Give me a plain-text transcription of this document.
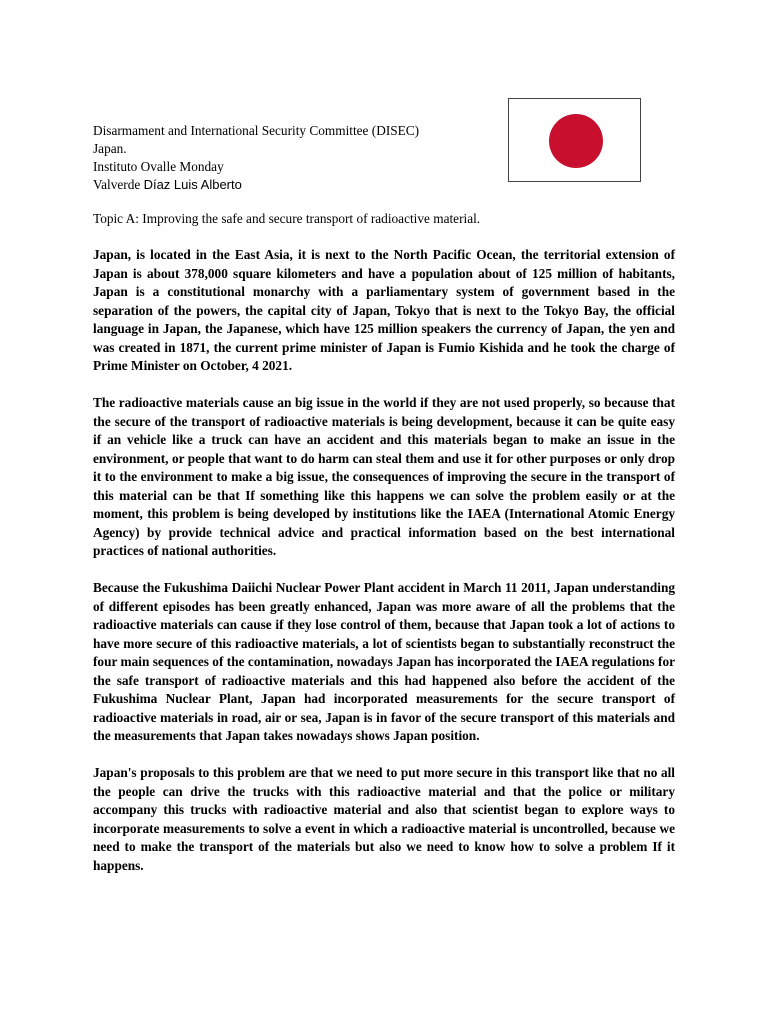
Disarmament and International Security Committee (DISEC)
Japan.
Instituto Ovalle Monday
Valverde Díaz Luis Alberto
Topic A: Improving the safe and secure transport of radioactive material.

Japan, is located in the East Asia, it is next to the North Pacific Ocean, the territorial extension of Japan is about 378,000 square kilometers and have a population about of 125 million of habitants, Japan is a constitutional monarchy with a parliamentary system of government based in the separation of the powers, the capital city of Japan, Tokyo that is next to the Tokyo Bay, the official language in Japan, the Japanese, which have 125 million speakers the currency of Japan, the yen and was created in 1871, the current prime minister of Japan is Fumio Kishida and he took the charge of Prime Minister on October, 4 2021.

The radioactive materials cause an big issue in the world if they are not used properly, so because that the secure of the transport of radioactive materials is being development, because it can be quite easy if an vehicle like a truck can have an accident and this materials began to make an issue in the environment, or people that want to do harm can steal them and use it for other purposes or only drop it to the environment to make a big issue, the consequences of improving the secure in the transport of this material can be that If something like this happens we can solve the problem easily or at the moment, this problem is being developed by institutions like the IAEA (International Atomic Energy Agency) by provide technical advice and practical information based on the best international practices of national authorities.

Because the Fukushima Daiichi Nuclear Power Plant accident in March 11 2011, Japan understanding of different episodes has been greatly enhanced, Japan was more aware of all the problems that the radioactive materials can cause if they lose control of them, because that Japan took a lot of actions to have more secure of this radioactive materials, a lot of scientists began to substantially reconstruct the four main sequences of the contamination, nowadays Japan has incorporated the IAEA regulations for the safe transport of radioactive materials and this had happened also before the accident of the Fukushima Nuclear Plant, Japan had incorporated measurements for the secure transport of radioactive materials in road, air or sea, Japan is in favor of the secure transport of this materials and the measurements that Japan takes nowadays shows Japan position.

Japan's proposals to this problem are that we need to put more secure in this transport like that no all the people can drive the trucks with this radioactive material and that the police or military accompany this trucks with radioactive material and also that scientist began to explore ways to incorporate measurements to solve a event in which a radioactive material is uncontrolled, because we need to make the transport of the materials but also we need to know how to solve a problem If it happens.
